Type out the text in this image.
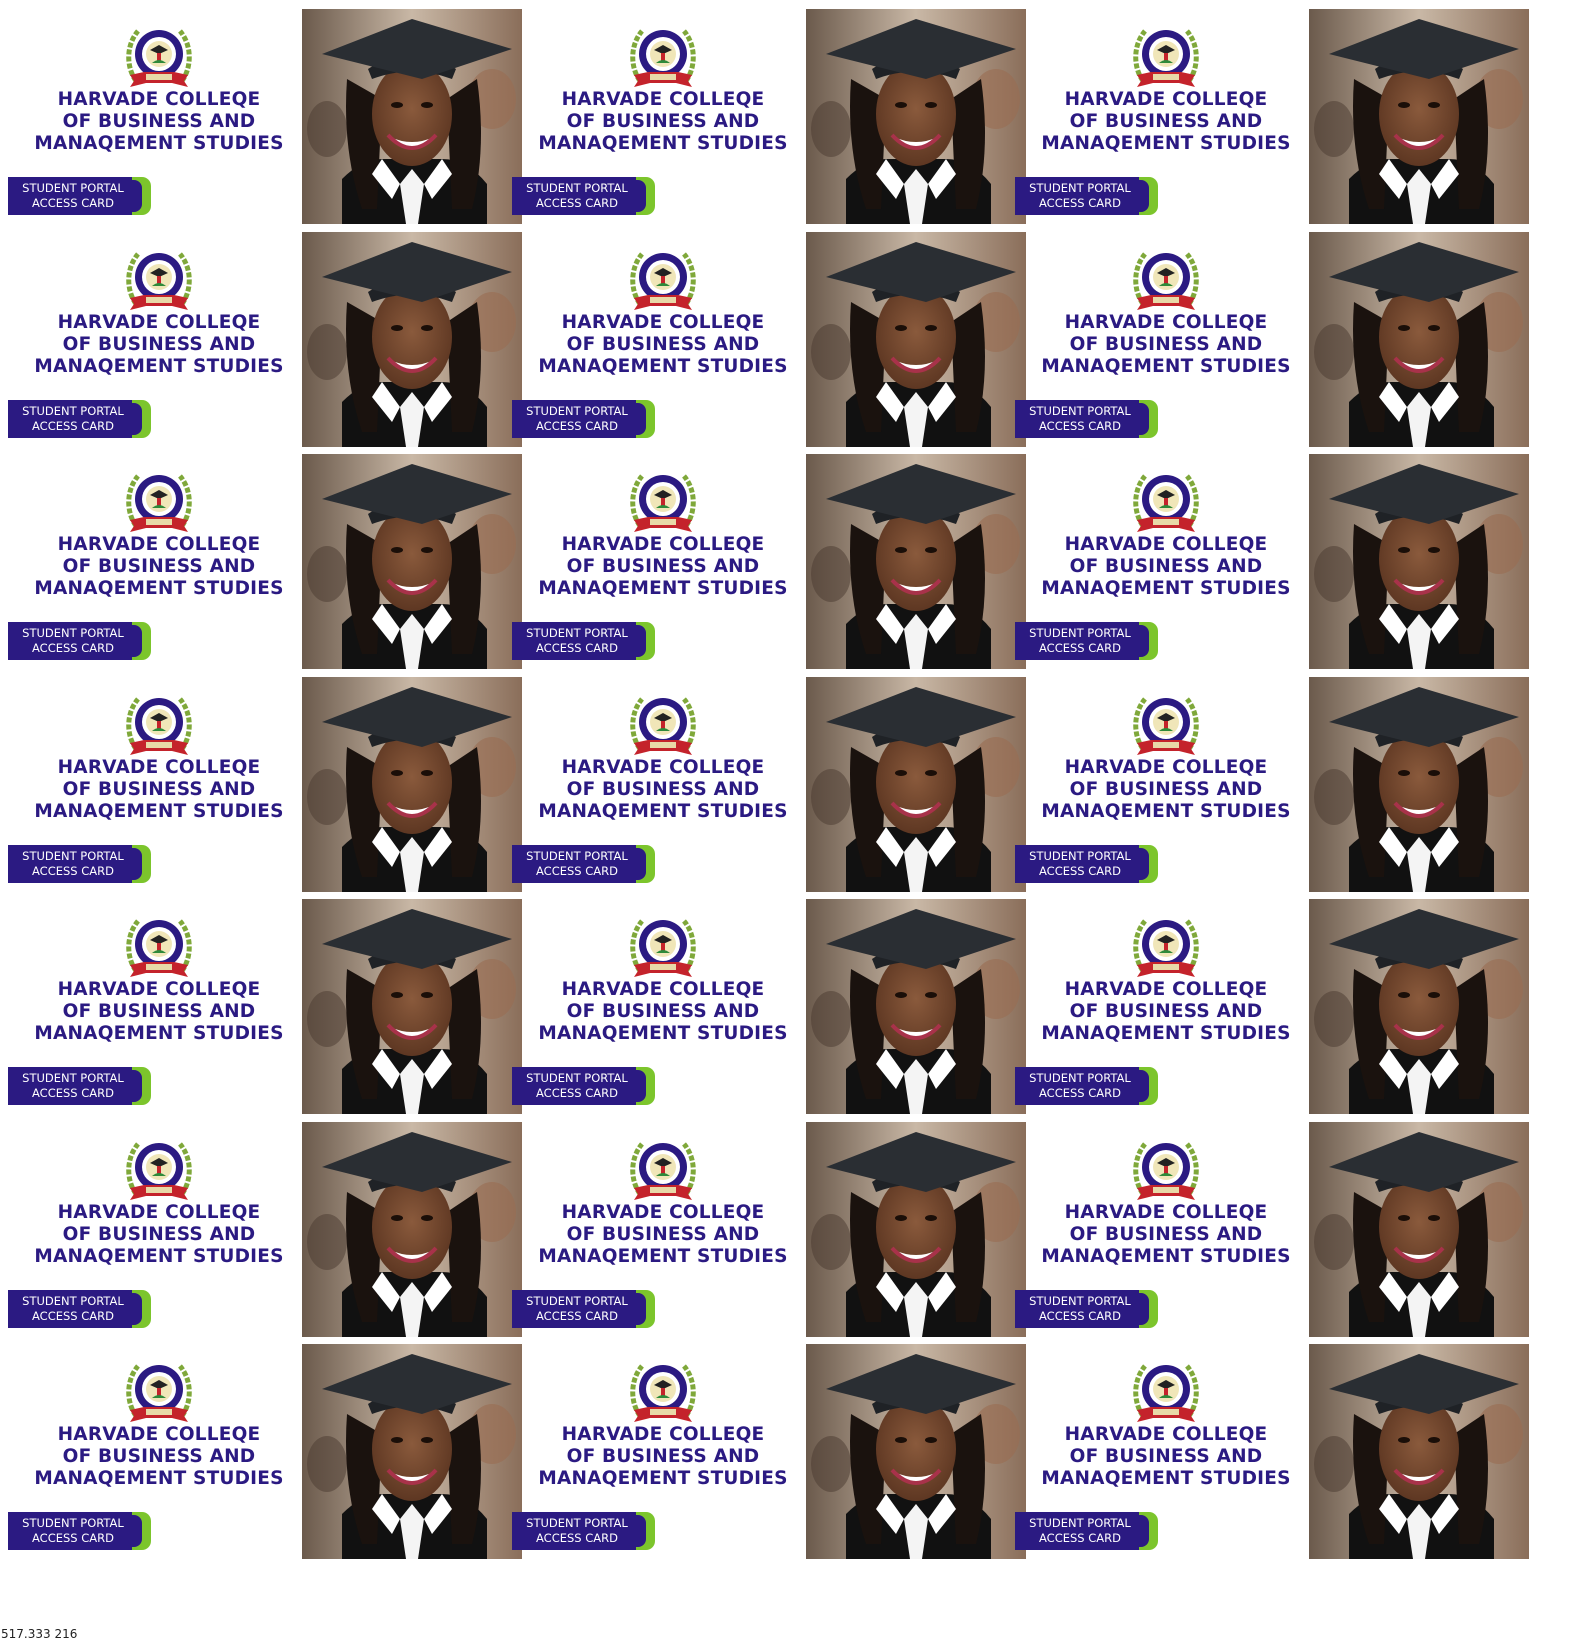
HARVADE COLLEQE
OF BUSINESS AND
MANAQEMENT STUDIES
STUDENT PORTAL
ACCESS CARD
HARVADE COLLEQE
OF BUSINESS AND
MANAQEMENT STUDIES
STUDENT PORTAL
ACCESS CARD
HARVADE COLLEQE
OF BUSINESS AND
MANAQEMENT STUDIES
STUDENT PORTAL
ACCESS CARD
HARVADE COLLEQE
OF BUSINESS AND
MANAQEMENT STUDIES
STUDENT PORTAL
ACCESS CARD
HARVADE COLLEQE
OF BUSINESS AND
MANAQEMENT STUDIES
STUDENT PORTAL
ACCESS CARD
HARVADE COLLEQE
OF BUSINESS AND
MANAQEMENT STUDIES
STUDENT PORTAL
ACCESS CARD
HARVADE COLLEQE
OF BUSINESS AND
MANAQEMENT STUDIES
STUDENT PORTAL
ACCESS CARD
HARVADE COLLEQE
OF BUSINESS AND
MANAQEMENT STUDIES
STUDENT PORTAL
ACCESS CARD
HARVADE COLLEQE
OF BUSINESS AND
MANAQEMENT STUDIES
STUDENT PORTAL
ACCESS CARD
HARVADE COLLEQE
OF BUSINESS AND
MANAQEMENT STUDIES
STUDENT PORTAL
ACCESS CARD
HARVADE COLLEQE
OF BUSINESS AND
MANAQEMENT STUDIES
STUDENT PORTAL
ACCESS CARD
HARVADE COLLEQE
OF BUSINESS AND
MANAQEMENT STUDIES
STUDENT PORTAL
ACCESS CARD
HARVADE COLLEQE
OF BUSINESS AND
MANAQEMENT STUDIES
STUDENT PORTAL
ACCESS CARD
HARVADE COLLEQE
OF BUSINESS AND
MANAQEMENT STUDIES
STUDENT PORTAL
ACCESS CARD
HARVADE COLLEQE
OF BUSINESS AND
MANAQEMENT STUDIES
STUDENT PORTAL
ACCESS CARD
HARVADE COLLEQE
OF BUSINESS AND
MANAQEMENT STUDIES
STUDENT PORTAL
ACCESS CARD
HARVADE COLLEQE
OF BUSINESS AND
MANAQEMENT STUDIES
STUDENT PORTAL
ACCESS CARD
HARVADE COLLEQE
OF BUSINESS AND
MANAQEMENT STUDIES
STUDENT PORTAL
ACCESS CARD
HARVADE COLLEQE
OF BUSINESS AND
MANAQEMENT STUDIES
STUDENT PORTAL
ACCESS CARD
HARVADE COLLEQE
OF BUSINESS AND
MANAQEMENT STUDIES
STUDENT PORTAL
ACCESS CARD
HARVADE COLLEQE
OF BUSINESS AND
MANAQEMENT STUDIES
STUDENT PORTAL
ACCESS CARD
517.333 216
